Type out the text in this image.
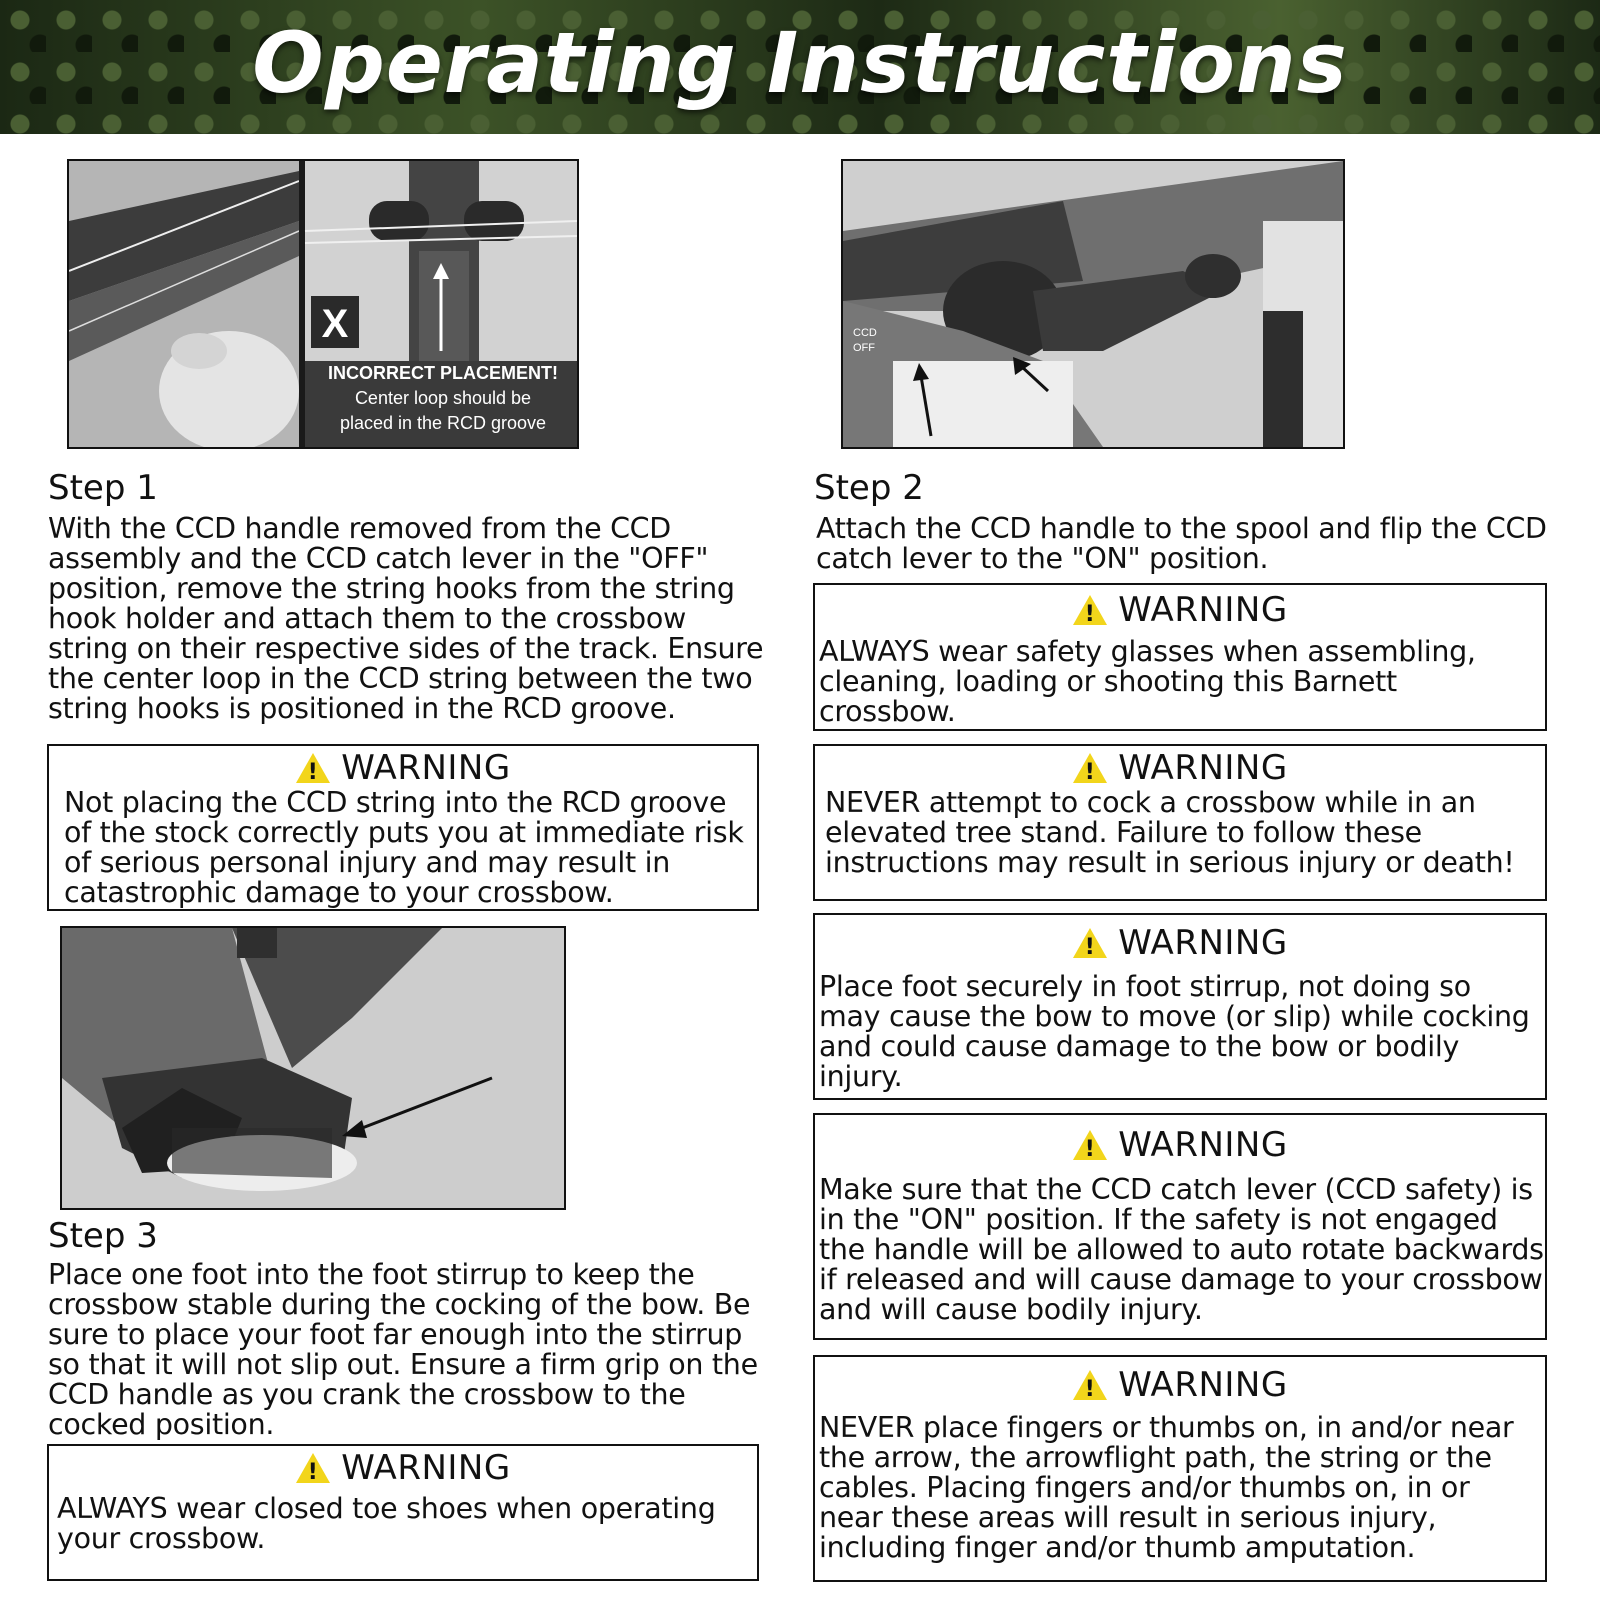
Operating Instructions
X
INCORRECT PLACEMENT!
Center loop should be
placed in the RCD groove
CCD
OFF
Step 1
With the CCD handle removed from the CCD assembly and the CCD catch lever in the "OFF" position, remove the string hooks from the string hook holder and attach them to the crossbow string on their respective sides of the track. Ensure the center loop in the CCD string between the two string hooks is positioned in the RCD groove.
! WARNING
Not placing the CCD string into the RCD groove of the stock correctly puts you at immediate risk of serious personal injury and may result in catastrophic damage to your crossbow.
Step 3
Place one foot into the foot stirrup to keep the crossbow stable during the cocking of the bow. Be sure to place your foot far enough into the stirrup so that it will not slip out. Ensure a firm grip on the CCD handle as you crank the crossbow to the cocked position.
! WARNING
ALWAYS wear closed toe shoes when operating your crossbow.
Step 2
Attach the CCD handle to the spool and flip the CCD catch lever to the "ON" position.
! WARNING
ALWAYS wear safety glasses when assembling, cleaning, loading or shooting this Barnett crossbow.
! WARNING
NEVER attempt to cock a crossbow while in an elevated tree stand. Failure to follow these instructions may result in serious injury or death!
! WARNING
Place foot securely in foot stirrup, not doing so may cause the bow to move (or slip) while cocking and could cause damage to the bow or bodily injury.
! WARNING
Make sure that the CCD catch lever (CCD safety) is in the "ON" position. If the safety is not engaged the handle will be allowed to auto rotate backwards if released and will cause damage to your crossbow and will cause bodily injury.
! WARNING
NEVER place fingers or thumbs on, in and/or near the arrow, the arrowflight path, the string or the cables. Placing fingers and/or thumbs on, in or near these areas will result in serious injury, including finger and/or thumb amputation.
